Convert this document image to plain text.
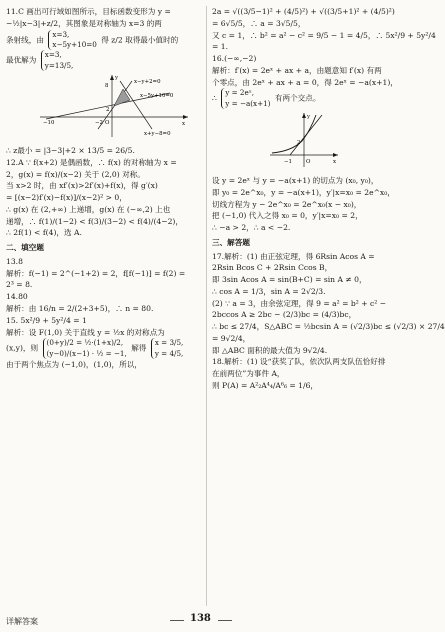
11.C 画出可行域如图所示，目标函数变形为 y =
−½|x−3|+z/2，其图象是对称轴为 x=3 的两
条射线，由
x=3,
x−5y+10=0
得 z/2 取得最小值时的
最优解为
x=3,
y=13/5,
x−y+2=0
x−5y+10=0
x+y−8=0
−10	−2 O
2
8
x
y
∴ z最小 = |3−3|+2 × 13/5 = 26/5.
12.A ∵ f(x+2) 是偶函数，∴ f(x) 的对称轴为 x =
2，g(x) = f(x)/(x−2) 关于 (2,0) 对称。
当 x>2 时，由 xf′(x)>2f′(x)+f(x)，得 g′(x)
= [(x−2)f′(x)−f(x)]/(x−2)² > 0，
∴ g(x) 在 (2,+∞) 上递增，g(x) 在 (−∞,2) 上也
递增，∴ f(1)/(1−2) < f(3)/(3−2) < f(4)/(4−2)，
∴ 2f(1) < f(4)，选 A.
二、填空题
13.8
解析：f(−1) = 2^(−1+2) = 2，f[f(−1)] = f(2) =
2³ = 8.
14.80
解析：由 16/n = 2/(2+3+5)，∴ n = 80.
15. 5x²/9 + 5y²/4 = 1
解析：设 F(1,0) 关于直线 y = ½x 的对称点为
(x,y)，则
(0+y)/2 = ½·(1+x)/2,
(y−0)/(x−1) · ½ = −1,
解得
x = 3/5,
y = 4/5,
由于两个焦点为 (−1,0)，(1,0)，所以，
2a = √((3/5−1)² + (4/5)²) + √((3/5+1)² + (4/5)²)
= 6√5/5，∴ a = 3√5/5，
又 c = 1，∴ b² = a² − c² = 9/5 − 1 = 4/5，∴ 5x²/9 + 5y²/4
= 1.
16.(−∞,−2)
解析：f′(x) = 2eˣ + ax + a，由题意知 f′(x) 有两
个零点，由 2eˣ + ax + a = 0，得 2eˣ = −a(x+1)，
∴
y = 2eˣ,
y = −a(x+1)
有两个交点。
2
−1	O	x
y
设 y = 2eˣ 与 y = −a(x+1) 的切点为 (x₀, y₀)，
即 y₀ = 2e^x₀，y = −a(x+1)，y′|x=x₀ = 2e^x₀，
切线方程为 y − 2e^x₀ = 2e^x₀(x − x₀)，
把 (−1,0) 代入之得 x₀ = 0，y′|x=x₀ = 2，
∴ −a > 2，∴ a < −2.
三、解答题
17.解析：(1) 由正弦定理，得 6Rsin Acos A =
2Rsin Bcos C + 2Rsin Ccos B，
即 3sin Acos A = sin(B+C) = sin A ≠ 0，
∴ cos A = 1/3，sin A = 2√2/3.
(2) ∵ a = 3，由余弦定理，得 9 = a² = b² + c² −
2bccos A ≥ 2bc − (2/3)bc = (4/3)bc，
∴ bc ≤ 27/4，S△ABC = ½bcsin A = (√2/3)bc ≤ (√2/3) × 27/4
= 9√2/4，
即 △ABC 面积的最大值为 9√2/4.
18.解析：(1) 设“获奖了队，依次队两支队伍恰好排
在前两位”为事件 A，
则 P(A) = A²₂A⁴₄/A⁶₆ = 1/6，
详解答案	138
